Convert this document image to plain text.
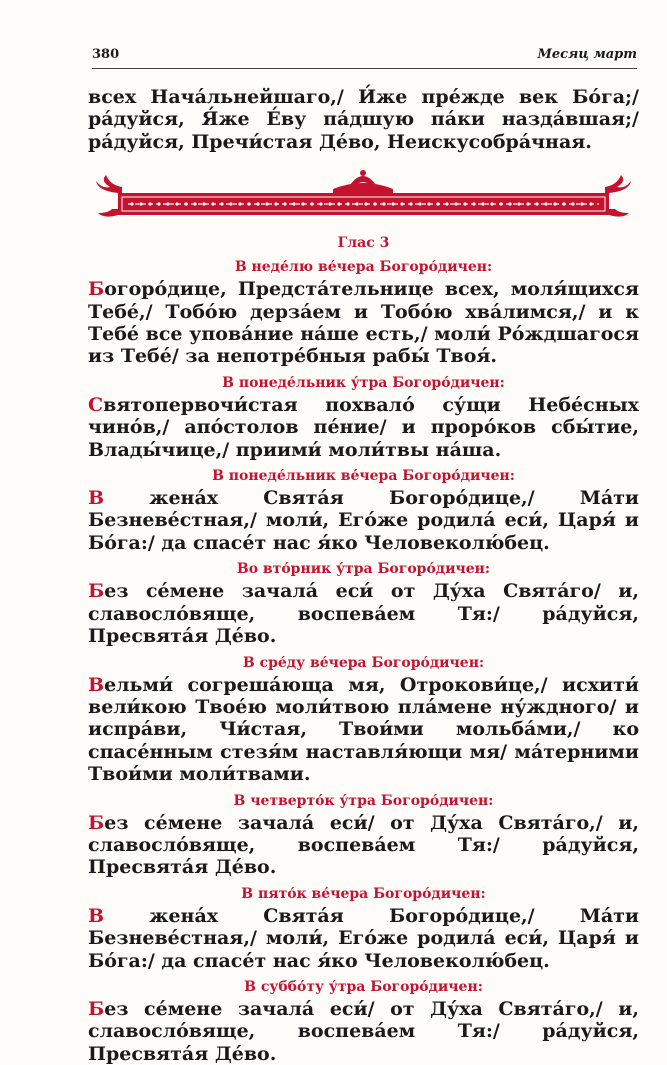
380	Месяц март

всех Нача́льнейшаго,/ И́же пре́жде век Бо́га;/ ра́дуйся, Я́же Е́ву па́дшую па́ки назда́вшая;/ ра́дуйся, Пречи́стая Де́во, Неискусобра́чная.

Глас 3
В неде́лю ве́чера Богоро́дичен:

Богоро́дице, Предста́тельнице всех, моля́щихся Тебе́,/ Тобо́ю дерза́ем и Тобо́ю хва́лимся,/ и к Тебе́ все упова́ние на́ше есть,/ моли́ Ро́ждшагося из Тебе́/ за непотре́бныя рабы́ Твоя́.

В понеде́льник у́тра Богоро́дичен:

Святопервочи́стая похвало́ су́щи Небе́сных чино́в,/ апо́столов пе́ние/ и проро́ков сбы́тие, Влады́чице,/ приими́ моли́твы на́ша.

В понеде́льник ве́чера Богоро́дичен:

В жена́х Свята́я Богоро́дице,/ Ма́ти Безневе́стная,/ моли́, Его́же родила́ еси́, Царя́ и Бо́га:/ да спасе́т нас я́ко Человеколю́бец.

Во вто́рник у́тра Богоро́дичен:

Без се́мене зачала́ еси́ от Ду́ха Свята́го/ и, славосло́вяще, воспева́ем Тя:/ ра́дуйся, Пресвята́я Де́во.

В сре́ду ве́чера Богоро́дичен:

Вельми́ согреша́юща мя, Отрокови́це,/ исхити́ вели́кою Твое́ю моли́твою пла́мене ну́ждного/ и испра́ви, Чи́стая, Твои́ми мольба́ми,/ ко спасе́нным стезя́м наставля́ющи мя/ ма́терними Твои́ми моли́твами.

В четверто́к у́тра Богоро́дичен:

Без се́мене зачала́ еси́/ от Ду́ха Свята́го,/ и, славосло́вяще, воспева́ем Тя:/ ра́дуйся, Пресвята́я Де́во.

В пято́к ве́чера Богоро́дичен:

В жена́х Свята́я Богоро́дице,/ Ма́ти Безневе́стная,/ моли́, Его́же родила́ еси́, Царя́ и Бо́га:/ да спасе́т нас я́ко Человеколю́бец.

В суббо́ту у́тра Богоро́дичен:

Без се́мене зачала́ еси́/ от Ду́ха Свята́го,/ и, славосло́вяще, воспева́ем Тя:/ ра́дуйся, Пресвята́я Де́во.
